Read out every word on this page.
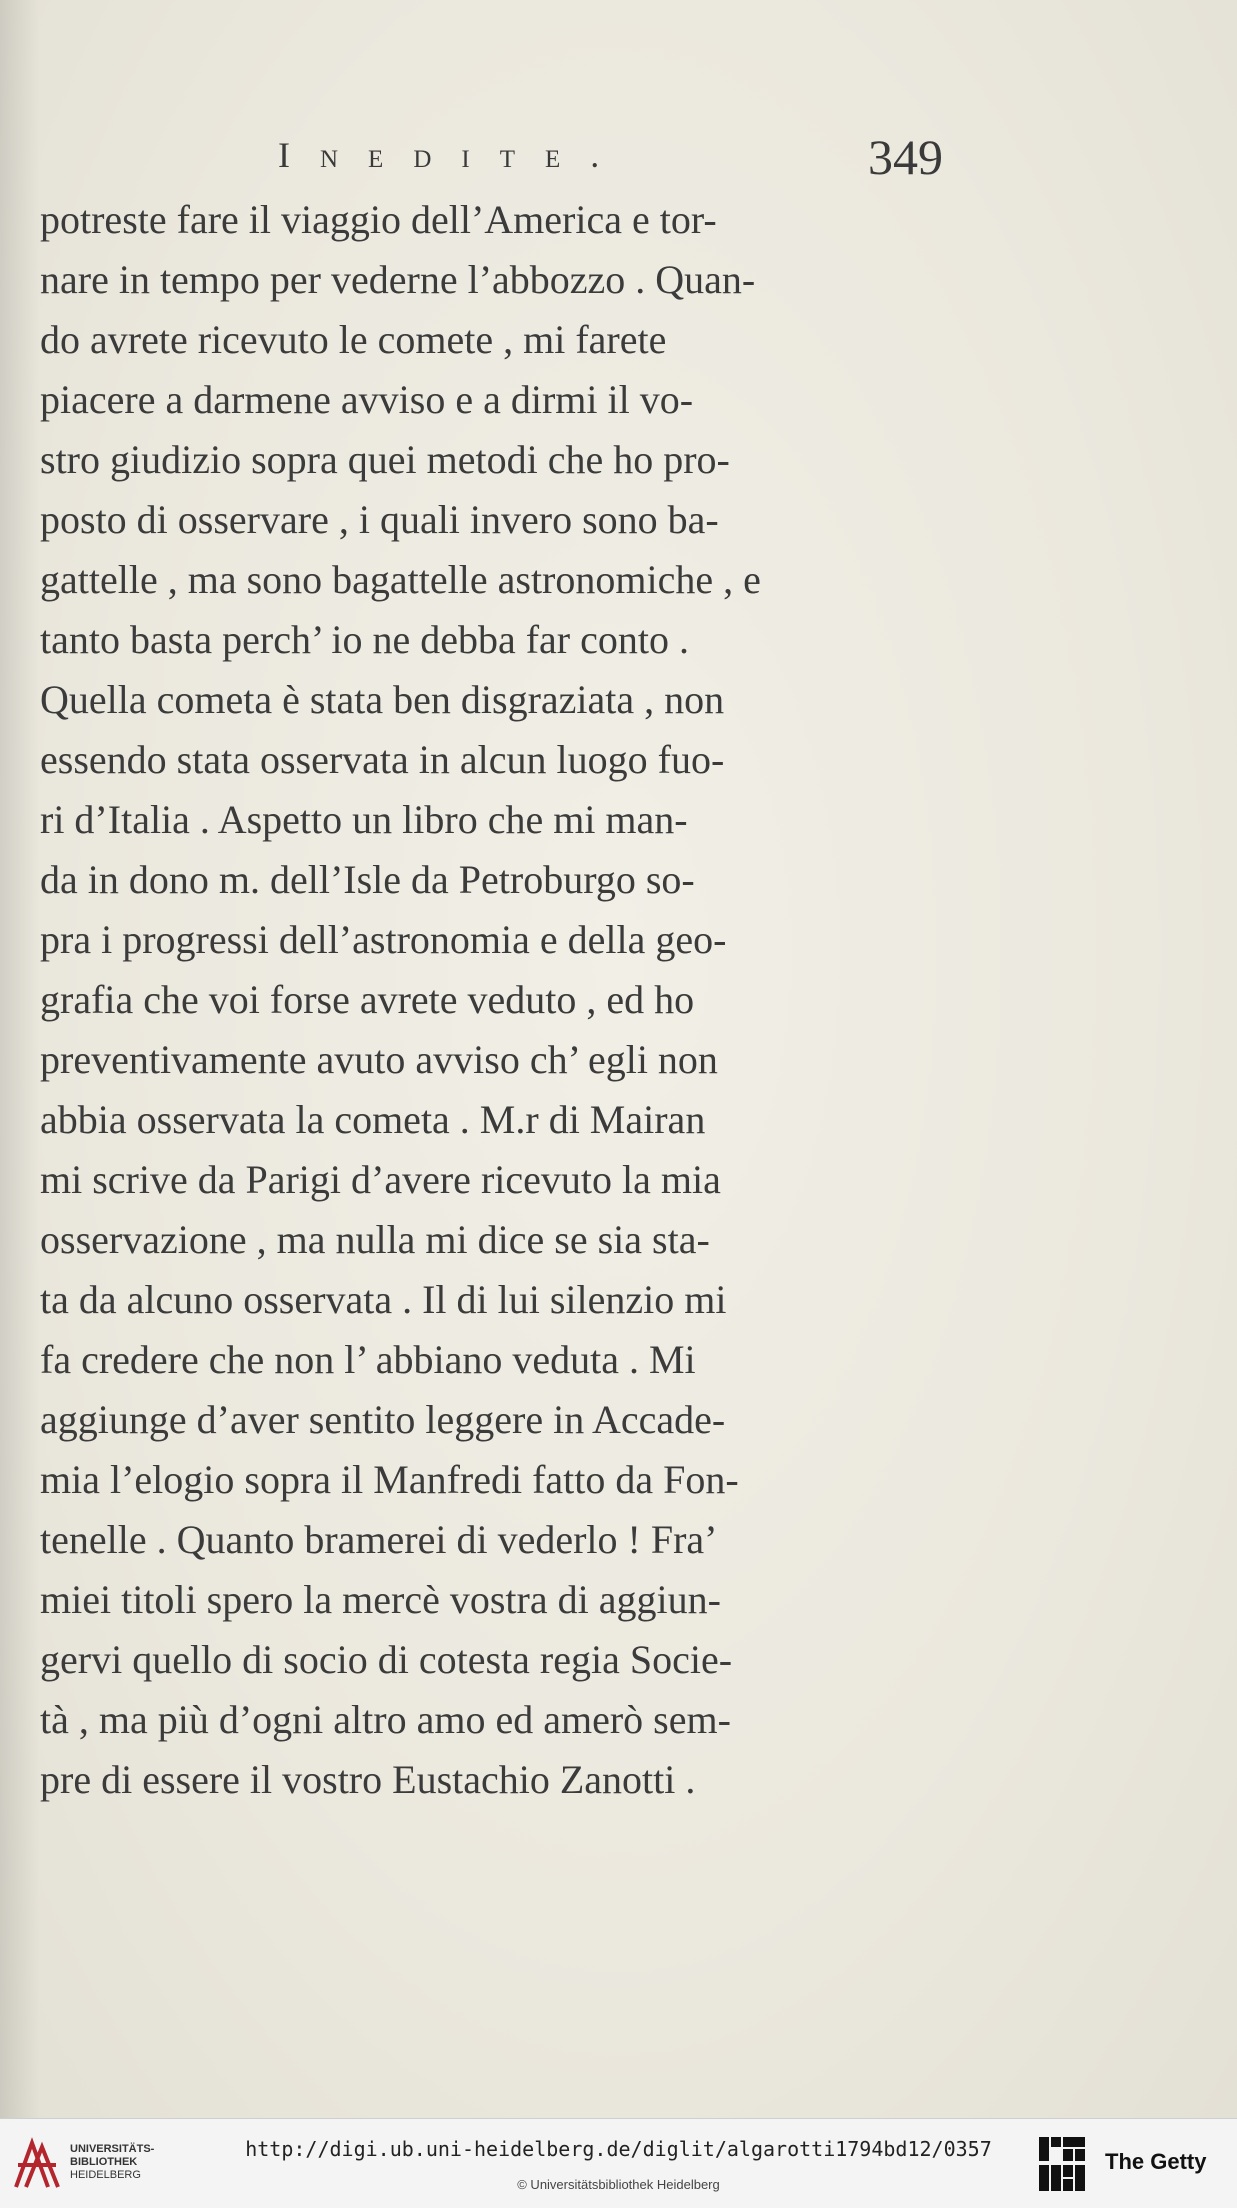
Inedite.	349
potreste fare il viaggio dell’America e tor-
nare in tempo per vederne l’abbozzo . Quan-
do avrete ricevuto le comete , mi farete
piacere a darmene avviso e a dirmi il vo-
stro giudizio sopra quei metodi che ho pro-
posto di osservare , i quali invero sono ba-
gattelle , ma sono bagattelle astronomiche , e
tanto basta perch’ io ne debba far conto .
Quella cometa è stata ben disgraziata , non
essendo stata osservata in alcun luogo fuo-
ri d’Italia . Aspetto un libro che mi man-
da in dono m. dell’Isle da Petroburgo so-
pra i progressi dell’astronomia e della geo-
grafia che voi forse avrete veduto , ed ho
preventivamente avuto avviso ch’ egli non
abbia osservata la cometa . M.r di Mairan
mi scrive da Parigi d’avere ricevuto la mia
osservazione , ma nulla mi dice se sia sta-
ta da alcuno osservata . Il di lui silenzio mi
fa credere che non l’ abbiano veduta . Mi
aggiunge d’aver sentito leggere in Accade-
mia l’elogio sopra il Manfredi fatto da Fon-
tenelle . Quanto bramerei di vederlo ! Fra’
miei titoli spero la mercè vostra di aggiun-
gervi quello di socio di cotesta regia Socie-
tà , ma più d’ogni altro amo ed amerò sem-
pre di essere il vostro Eustachio Zanotti .
UNIVERSITÄTS-
BIBLIOTHEK
HEIDELBERG
http://digi.ub.uni-heidelberg.de/diglit/algarotti1794bd12/0357
© Universitätsbibliothek Heidelberg
The Getty
